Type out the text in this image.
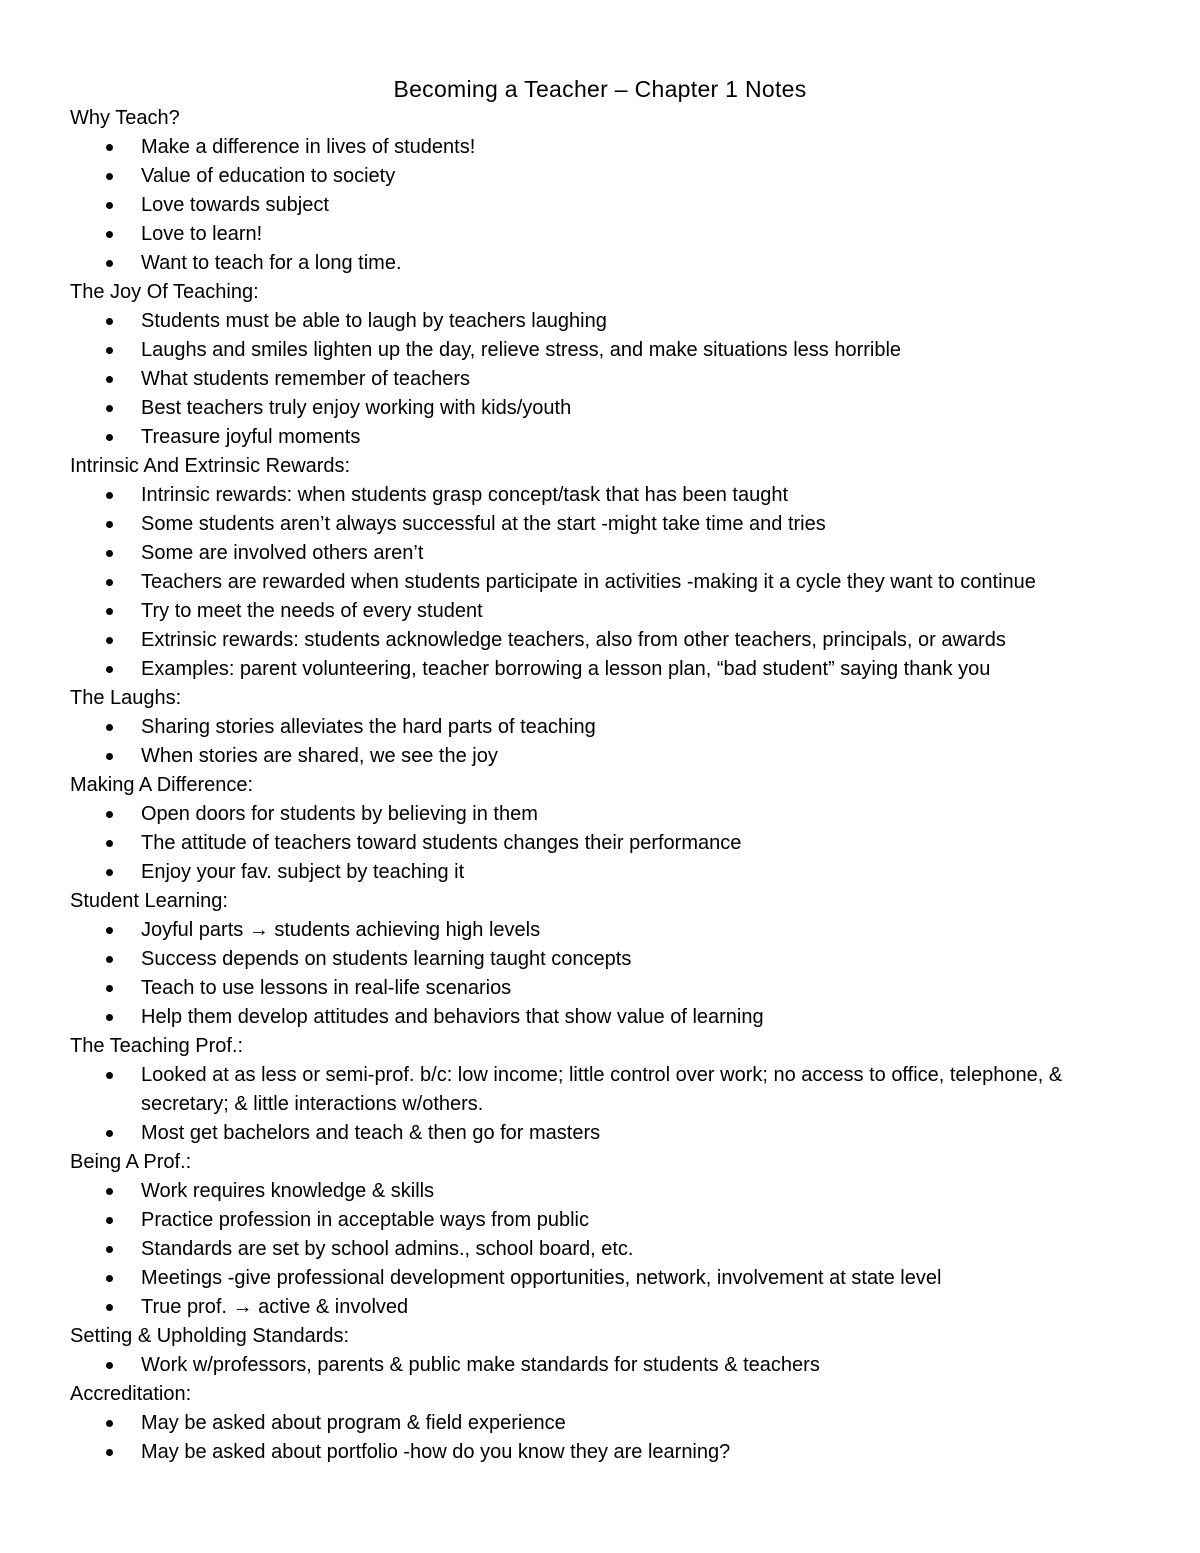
Becoming a Teacher – Chapter 1 Notes
Why Teach?
Make a difference in lives of students!
Value of education to society
Love towards subject
Love to learn!
Want to teach for a long time.
The Joy Of Teaching:
Students must be able to laugh by teachers laughing
Laughs and smiles lighten up the day, relieve stress, and make situations less horrible
What students remember of teachers
Best teachers truly enjoy working with kids/youth
Treasure joyful moments
Intrinsic And Extrinsic Rewards:
Intrinsic rewards: when students grasp concept/task that has been taught
Some students aren’t always successful at the start -might take time and tries
Some are involved others aren’t
Teachers are rewarded when students participate in activities -making it a cycle they want to continue
Try to meet the needs of every student
Extrinsic rewards: students acknowledge teachers, also from other teachers, principals, or awards
Examples: parent volunteering, teacher borrowing a lesson plan, “bad student” saying thank you
The Laughs:
Sharing stories alleviates the hard parts of teaching
When stories are shared, we see the joy
Making A Difference:
Open doors for students by believing in them
The attitude of teachers toward students changes their performance
Enjoy your fav. subject by teaching it
Student Learning:
Joyful parts → students achieving high levels
Success depends on students learning taught concepts
Teach to use lessons in real-life scenarios
Help them develop attitudes and behaviors that show value of learning
The Teaching Prof.:
Looked at as less or semi-prof. b/c: low income; little control over work; no access to office, telephone, & secretary; & little interactions w/others.
Most get bachelors and teach & then go for masters
Being A Prof.:
Work requires knowledge & skills
Practice profession in acceptable ways from public
Standards are set by school admins., school board, etc.
Meetings -give professional development opportunities, network, involvement at state level
True prof. → active & involved
Setting & Upholding Standards:
Work w/professors, parents & public make standards for students & teachers
Accreditation:
May be asked about program & field experience
May be asked about portfolio -how do you know they are learning?
